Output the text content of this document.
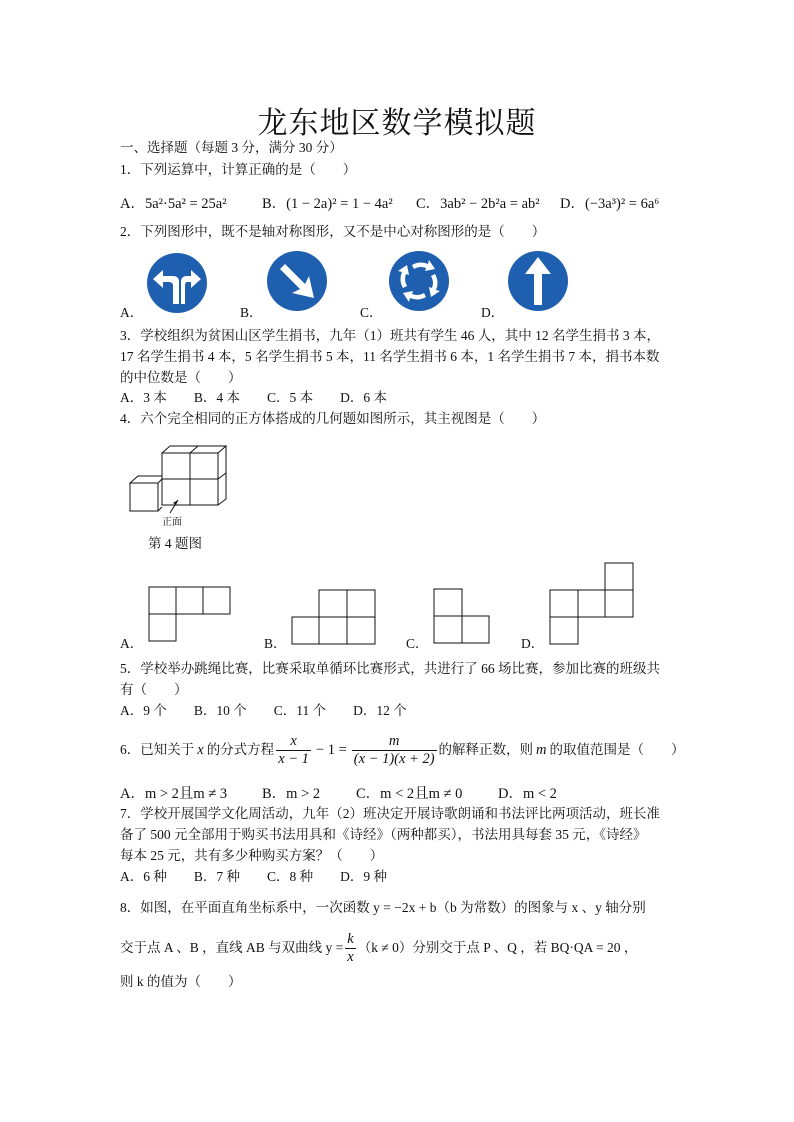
龙东地区数学模拟题
一、选择题（每题 3 分，满分 30 分）
1．下列运算中，计算正确的是（　　）
A．5a²·5a² = 25a² B．(1 − 2a)² = 1 − 4a² C．3ab² − 2b²a = ab² D．(−3a³)² = 6a⁶
2．下列图形中，既不是轴对称图形，又不是中心对称图形的是（　　）
A．	B．	C．	D．
3．学校组织为贫困山区学生捐书，九年（1）班共有学生 46 人，其中 12 名学生捐书 3 本，
17 名学生捐书 4 本，5 名学生捐书 5 本，11 名学生捐书 6 本，1 名学生捐书 7 本，捐书本数
的中位数是（　　）
A．3 本　　B．4 本　　C．5 本　　D．6 本
4．六个完全相同的正方体搭成的几何题如图所示，其主视图是（　　）
正面
第 4 题图
A．	B．	C．	D．
5．学校举办跳绳比赛，比赛采取单循环比赛形式，共进行了 66 场比赛，参加比赛的班级共
有（　　）
A．9 个　　B．10 个　　C．11 个　　D．12 个
6．已知关于 x 的分式方程 $\frac{x}{x - 1} - 1 = \frac{m}{(x - 1)(x + 2)}$ 的解释正数，则 m 的取值范围是（　　）
A．m > 2且m ≠ 3 B．m > 2 C．m < 2且m ≠ 0 D．m < 2
7．学校开展国学文化周活动，九年（2）班决定开展诗歌朗诵和书法评比两项活动，班长准
备了 500 元全部用于购买书法用具和《诗经》（两种都买），书法用具每套 35 元，《诗经》
每本 25 元，共有多少种购买方案？（　　）
A．6 种　　B．7 种　　C．8 种　　D．9 种
8．如图，在平面直角坐标系中，一次函数 y = −2x + b（b 为常数）的图象与 x 、y 轴分别
交于点 A 、B ，直线 AB 与双曲线 $y = \frac{k}{x} (k \ne 0)$分别交于点 P 、Q ，若 BQ·QA = 20 ，
则 k 的值为（　　）
